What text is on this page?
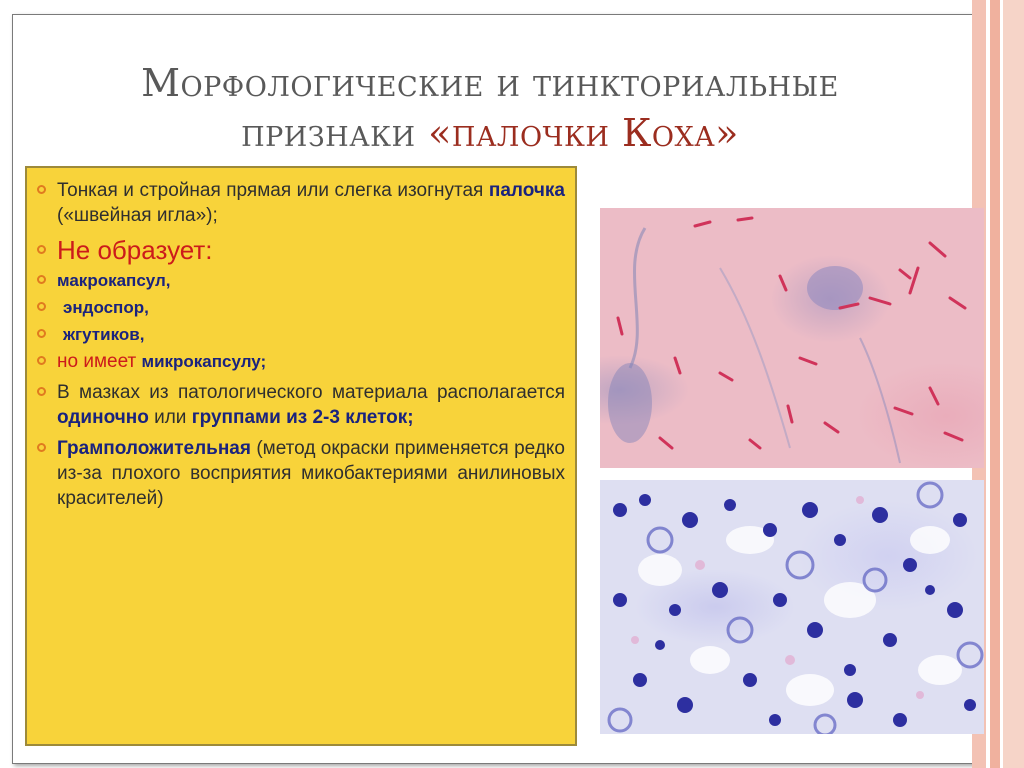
Морфологические и тинкториальные
признаки «палочки Коха»
Тонкая и стройная прямая или слегка изогнутая палочка («швейная игла»);
Не образует:
макрокапсул,
эндоспор,
жгутиков,
но имеет микрокапсулу;
В мазках из патологического материала располагается одиночно или группами из 2-3 клеток;
Грамположительная (метод окраски применяется редко из-за плохого восприятия микобактериями анилиновых красителей)
